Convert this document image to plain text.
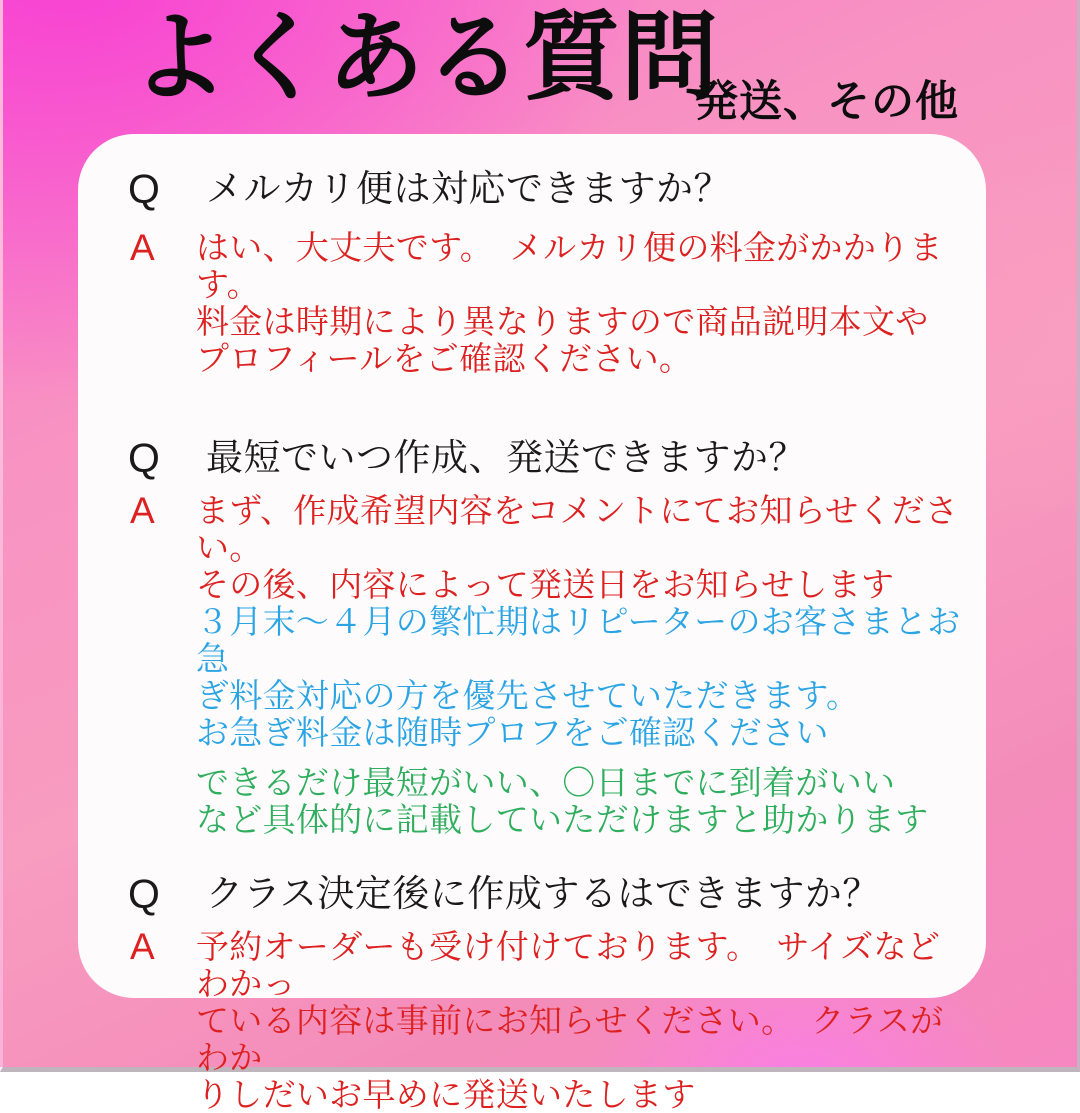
よくある質問
発送、その他
Q	メルカリ便は対応できますか？
A	はい、大丈夫です。　メルカリ便の料金がかかります。
料金は時期により異なりますので商品説明本文や
プロフィールをご確認ください。
Q	最短でいつ作成、発送できますか？
A	まず、作成希望内容をコメントにてお知らせください。
その後、内容によって発送日をお知らせします
３月末〜４月の繁忙期はリピーターのお客さまとお急
ぎ料金対応の方を優先させていただきます。
お急ぎ料金は随時プロフをご確認ください
できるだけ最短がいい、〇日までに到着がいい
など具体的に記載していただけますと助かります
Q	クラス決定後に作成するはできますか？
A	予約オーダーも受け付けております。　サイズなどわかっ
ている内容は事前にお知らせください。　クラスがわか
りしだいお早めに発送いたします
